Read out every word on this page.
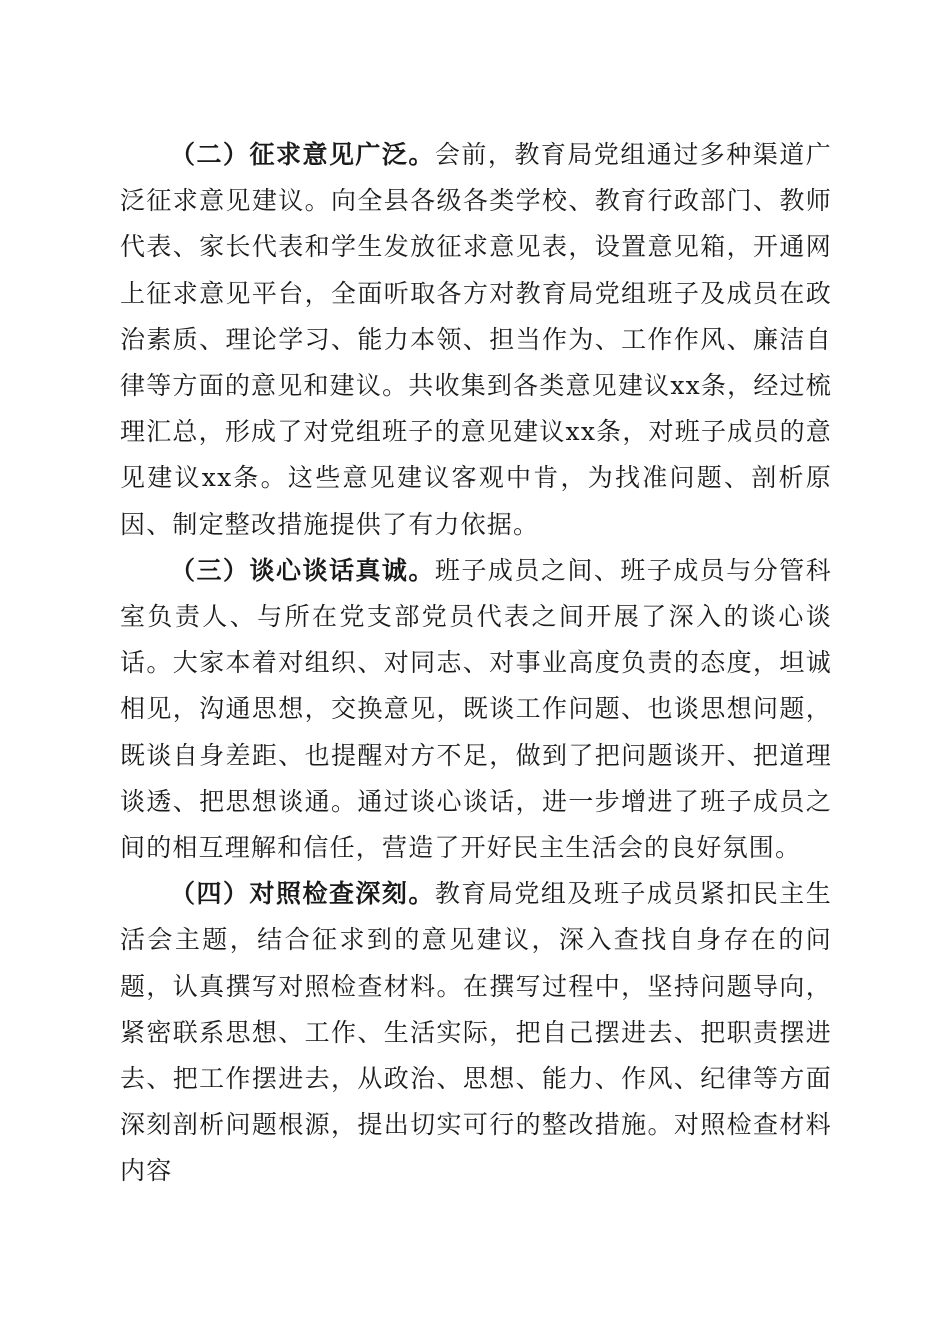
（二）征求意见广泛。会前，教育局党组通过多种渠道广泛征求意见建议。向全县各级各类学校、教育行政部门、教师代表、家长代表和学生发放征求意见表，设置意见箱，开通网上征求意见平台，全面听取各方对教育局党组班子及成员在政治素质、理论学习、能力本领、担当作为、工作作风、廉洁自律等方面的意见和建议。共收集到各类意见建议xx条，经过梳理汇总，形成了对党组班子的意见建议xx条，对班子成员的意见建议xx条。这些意见建议客观中肯，为找准问题、剖析原因、制定整改措施提供了有力依据。

（三）谈心谈话真诚。班子成员之间、班子成员与分管科室负责人、与所在党支部党员代表之间开展了深入的谈心谈话。大家本着对组织、对同志、对事业高度负责的态度，坦诚相见，沟通思想，交换意见，既谈工作问题、也谈思想问题，既谈自身差距、也提醒对方不足，做到了把问题谈开、把道理谈透、把思想谈通。通过谈心谈话，进一步增进了班子成员之间的相互理解和信任，营造了开好民主生活会的良好氛围。

（四）对照检查深刻。教育局党组及班子成员紧扣民主生活会主题，结合征求到的意见建议，深入查找自身存在的问题，认真撰写对照检查材料。在撰写过程中，坚持问题导向，紧密联系思想、工作、生活实际，把自己摆进去、把职责摆进去、把工作摆进去，从政治、思想、能力、作风、纪律等方面深刻剖析问题根源，提出切实可行的整改措施。对照检查材料内容
